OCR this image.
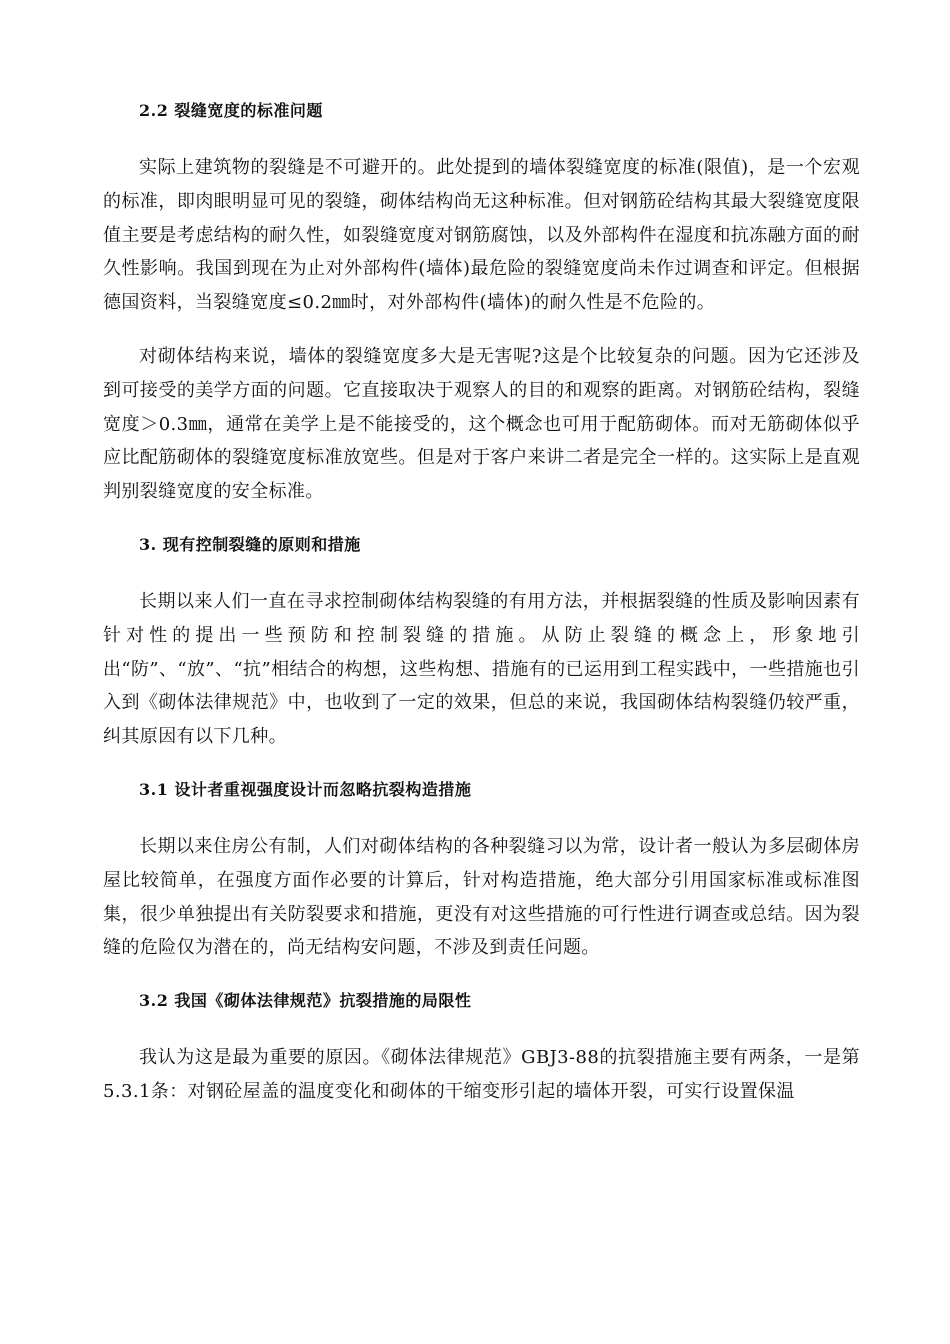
2.2 裂缝宽度的标准问题

实际上建筑物的裂缝是不可避开的。此处提到的墙体裂缝宽度的标准(限值)，是一个宏观的标准，即肉眼明显可见的裂缝，砌体结构尚无这种标准。但对钢筋砼结构其最大裂缝宽度限值主要是考虑结构的耐久性，如裂缝宽度对钢筋腐蚀，以及外部构件在湿度和抗冻融方面的耐久性影响。我国到现在为止对外部构件(墙体)最危险的裂缝宽度尚未作过调查和评定。但根据德国资料，当裂缝宽度≤0.2㎜时，对外部构件(墙体)的耐久性是不危险的。

对砌体结构来说，墙体的裂缝宽度多大是无害呢?这是个比较复杂的问题。因为它还涉及到可接受的美学方面的问题。它直接取决于观察人的目的和观察的距离。对钢筋砼结构，裂缝宽度＞0.3㎜，通常在美学上是不能接受的，这个概念也可用于配筋砌体。而对无筋砌体似乎应比配筋砌体的裂缝宽度标准放宽些。但是对于客户来讲二者是完全一样的。这实际上是直观判别裂缝宽度的安全标准。

3. 现有控制裂缝的原则和措施

长期以来人们一直在寻求控制砌体结构裂缝的有用方法，并根据裂缝的性质及影响因素有针对性的提出一些预防和控制裂缝的措施。从防止裂缝的概念上，形象地引出“防”、“放”、“抗”相结合的构想，这些构想、措施有的已运用到工程实践中，一些措施也引入到《砌体法律规范》中，也收到了一定的效果，但总的来说，我国砌体结构裂缝仍较严重，纠其原因有以下几种。

3.1 设计者重视强度设计而忽略抗裂构造措施

长期以来住房公有制，人们对砌体结构的各种裂缝习以为常，设计者一般认为多层砌体房屋比较简单，在强度方面作必要的计算后，针对构造措施，绝大部分引用国家标准或标准图集，很少单独提出有关防裂要求和措施，更没有对这些措施的可行性进行调查或总结。因为裂缝的危险仅为潜在的，尚无结构安问题，不涉及到责任问题。

3.2 我国《砌体法律规范》抗裂措施的局限性

我认为这是最为重要的原因。《砌体法律规范》GBJ3-88的抗裂措施主要有两条，一是第5.3.1条：对钢砼屋盖的温度变化和砌体的干缩变形引起的墙体开裂，可实行设置保温
